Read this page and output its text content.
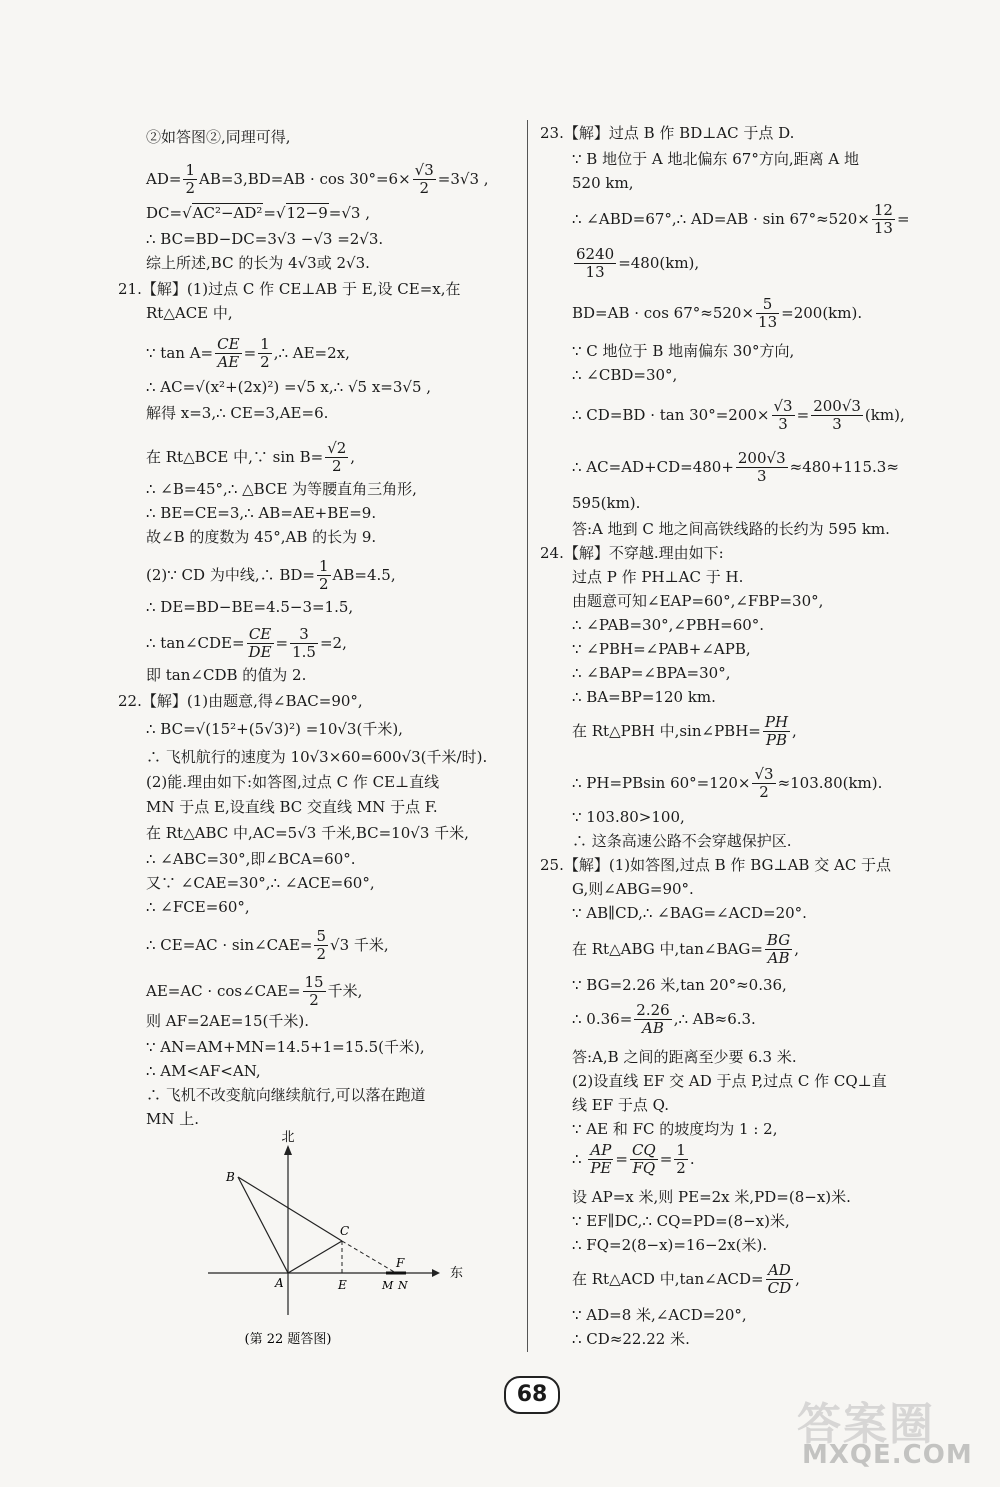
②如答图②,同理可得,
$AD= \frac{1}{2} AB=3,BD=AB \cdot \cos 30^\circ=6\times \frac{√3}{2} =3√3$ ,
DC=√AC²−AD²=√12−9=√3 ,
∴ BC=BD−DC=3√3 −√3 =2√3.
综上所述,BC 的长为 4√3或 2√3.
21.【解】(1)过点 C 作 CE⊥AB 于 E,设 CE=x,在
Rt△ACE 中,
∵ $\tan A= \frac{CE}{AE} = \frac{1}{2}$ ,∴ AE=2x,
∴ AC=√(x²+(2x)²) =√5 x,∴ √5 x=3√5 ,
解得 x=3,∴ CE=3,AE=6.
在 Rt△BCE 中,∵ $\sin B= \frac{√2}{2}$ ,
∴ ∠B=45°,∴ △BCE 为等腰直角三角形,
∴ BE=CE=3,∴ AB=AE+BE=9.
故∠B 的度数为 45°,AB 的长为 9.
(2)∵ CD 为中线,∴ $BD= \frac{1}{2} AB=4.5$,
∴ DE=BD−BE=4.5−3=1.5,
∴ tan∠CDE= $\frac{CE}{DE} = \frac{3}{1.5} =2$,
即 tan∠CDB 的值为 2.
22.【解】(1)由题意,得∠BAC=90°,
∴ BC=√(15²+(5√3)²) =10√3(千米),
∴ 飞机航行的速度为 10√3×60=600√3(千米/时).
(2)能.理由如下:如答图,过点 C 作 CE⊥直线
MN 于点 E,设直线 BC 交直线 MN 于点 F.
在 Rt△ABC 中,AC=5√3 千米,BC=10√3 千米,
∴ ∠ABC=30°,即∠BCA=60°.
又∵ ∠CAE=30°,∴ ∠ACE=60°,
∴ ∠FCE=60°,
∴ CE=AC · sin∠CAE= $\frac{5}{2} √3$ 千米,
AE=AC · cos∠CAE= $\frac{15}{2}$ 千米,
则 AF=2AE=15(千米).
∵ AN=AM+MN=14.5+1=15.5(千米),
∴ AM<AF<AN,
∴ 飞机不改变航向继续航行,可以落在跑道
MN 上.
北
东
B
C
A	E
F
M N
(第 22 题答图)
23.【解】过点 B 作 BD⊥AC 于点 D.
∵ B 地位于 A 地北偏东 67°方向,距离 A 地
520 km,
∴ ∠ABD=67°,∴ $AD=AB \cdot \sin 67^\circ\approx 520\times \frac{12}{13}$ =
$\frac{6240}{13} =480(km)$,
$BD=AB \cdot \cos 67^\circ\approx 520\times \frac{5}{13} =200(km)$.
∵ C 地位于 B 地南偏东 30°方向,
∴ ∠CBD=30°,
∴ $CD=BD \cdot \tan 30^\circ=200\times \frac{√3}{3} = \frac{200√3}{3} (km)$,
∴ $AC=AD+CD=480+ \frac{200√3}{3} \approx 480+115.3\approx$
595(km).
答:A 地到 C 地之间高铁线路的长约为 595 km.
24.【解】不穿越.理由如下:
过点 P 作 PH⊥AC 于 H.
由题意可知∠EAP=60°,∠FBP=30°,
∴ ∠PAB=30°,∠PBH=60°.
∵ ∠PBH=∠PAB+∠APB,
∴ ∠BAP=∠BPA=30°,
∴ BA=BP=120 km.
在 Rt△PBH 中,sin∠PBH= $\frac{PH}{PB}$ ,
∴ PH=PBsin $60^\circ=120\times \frac{√3}{2} \approx 103.80(km)$.
∵ 103.80>100,
∴ 这条高速公路不会穿越保护区.
25.【解】(1)如答图,过点 B 作 BG⊥AB 交 AC 于点
G,则∠ABG=90°.
∵ AB∥CD,∴ ∠BAG=∠ACD=20°.
在 Rt△ABG 中,tan∠BAG= $\frac{BG}{AB}$ ,
∵ BG=2.26 米,tan 20°≈0.36,
∴ $0.36= \frac{2.26}{AB}$ ,∴ AB≈6.3.
答:A,B 之间的距离至少要 6.3 米.
(2)设直线 EF 交 AD 于点 P,过点 C 作 CQ⊥直
线 EF 于点 Q.
∵ AE 和 FC 的坡度均为 1 : 2,
∴ $\frac{AP}{PE} = \frac{CQ}{FQ} = \frac{1}{2}$ .
设 AP=x 米,则 PE=2x 米,PD=(8−x)米.
∵ EF∥DC,∴ CQ=PD=(8−x)米,
∴ FQ=2(8−x)=16−2x(米).
在 Rt△ACD 中,tan∠ACD= $\frac{AD}{CD}$ ,
∵ AD=8 米,∠ACD=20°,
∴ CD≈22.22 米.
68
答案圈
MXQE.COM
